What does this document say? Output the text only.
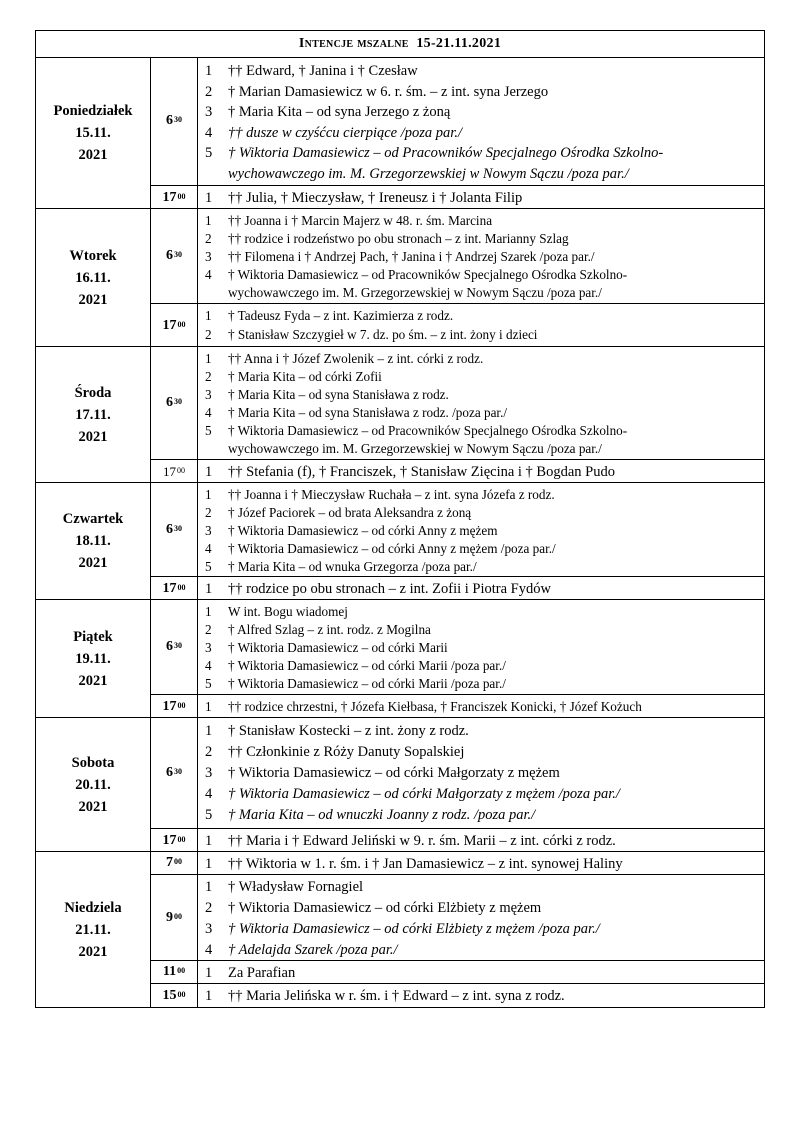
Intencje mszalne 15-21.11.2021
Poniedziałek
15.11.
2021
$6^{30}$
1	†† Edward, † Janina i † Czesław
2	† Marian Damasiewicz w 6. r. śm. – z int. syna Jerzego
3	† Maria Kita – od syna Jerzego z żoną
4	†† dusze w czyśćcu cierpiące /poza par./
5	† Wiktoria Damasiewicz – od Pracowników Specjalnego Ośrodka Szkolno-
wychowawczego im. M. Grzegorzewskiej w Nowym Sączu /poza par./
$17^{00}$ 1	†† Julia, † Mieczysław, † Ireneusz i † Jolanta Filip
Wtorek
16.11.
2021
$6^{30}$
1	†† Joanna i † Marcin Majerz w 48. r. śm. Marcina
2	†† rodzice i rodzeństwo po obu stronach – z int. Marianny Szlag
3	†† Filomena i † Andrzej Pach, † Janina i † Andrzej Szarek /poza par./
4	† Wiktoria Damasiewicz – od Pracowników Specjalnego Ośrodka Szkolno-
wychowawczego im. M. Grzegorzewskiej w Nowym Sączu /poza par./
$17^{00}$
1	† Tadeusz Fyda – z int. Kazimierza z rodz.
2	† Stanisław Szczygieł w 7. dz. po śm. – z int. żony i dzieci
Środa
17.11.
2021
$6^{30}$
1	†† Anna i † Józef Zwolenik – z int. córki z rodz.
2	† Maria Kita – od córki Zofii
3	† Maria Kita – od syna Stanisława z rodz.
4	† Maria Kita – od syna Stanisława z rodz. /poza par./
5	† Wiktoria Damasiewicz – od Pracowników Specjalnego Ośrodka Szkolno-
wychowawczego im. M. Grzegorzewskiej w Nowym Sączu /poza par./
$17^{00}$ 1	†† Stefania (f), † Franciszek, † Stanisław Zięcina i † Bogdan Pudo
Czwartek
18.11.
2021
$6^{30}$
1	†† Joanna i † Mieczysław Ruchała – z int. syna Józefa z rodz.
2	† Józef Paciorek – od brata Aleksandra z żoną
3	† Wiktoria Damasiewicz – od córki Anny z mężem
4	† Wiktoria Damasiewicz – od córki Anny z mężem /poza par./
5	† Maria Kita – od wnuka Grzegorza /poza par./
$17^{00}$ 1	†† rodzice po obu stronach – z int. Zofii i Piotra Fydów
Piątek
19.11.
2021
$6^{30}$
1	W int. Bogu wiadomej
2	† Alfred Szlag – z int. rodz. z Mogilna
3	† Wiktoria Damasiewicz – od córki Marii
4	† Wiktoria Damasiewicz – od córki Marii /poza par./
5	† Wiktoria Damasiewicz – od córki Marii /poza par./
$17^{00}$ 1	†† rodzice chrzestni, † Józefa Kiełbasa, † Franciszek Konicki, † Józef Kożuch
Sobota
20.11.
2021
$6^{30}$
1	† Stanisław Kostecki – z int. żony z rodz.
2	†† Członkinie z Róży Danuty Sopalskiej
3	† Wiktoria Damasiewicz – od córki Małgorzaty z mężem
4	† Wiktoria Damasiewicz – od córki Małgorzaty z mężem /poza par./
5	† Maria Kita – od wnuczki Joanny z rodz. /poza par./
$17^{00}$ 1	†† Maria i † Edward Jeliński w 9. r. śm. Marii – z int. córki z rodz.
Niedziela
21.11.
2021
$7^{00}$ 1	†† Wiktoria w 1. r. śm. i † Jan Damasiewicz – z int. synowej Haliny
$9^{00}$
1	† Władysław Fornagiel
2	† Wiktoria Damasiewicz – od córki Elżbiety z mężem
3	† Wiktoria Damasiewicz – od córki Elżbiety z mężem /poza par./
4	† Adelajda Szarek /poza par./
$11^{00}$ 1	Za Parafian
$15^{00}$ 1	†† Maria Jelińska w r. śm. i † Edward – z int. syna z rodz.
